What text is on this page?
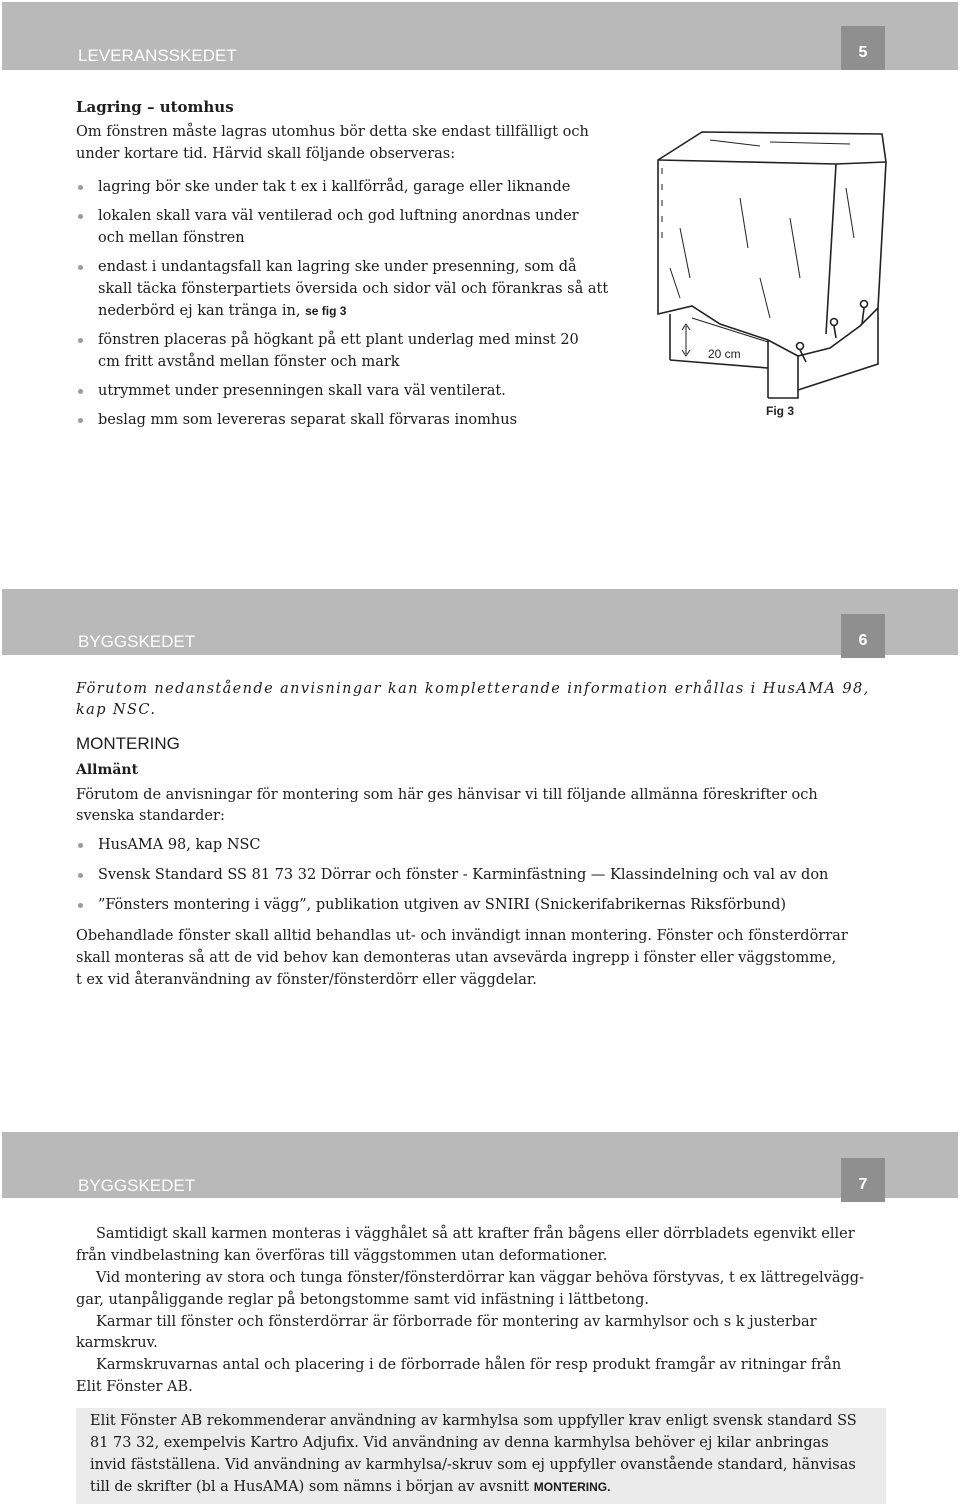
LEVERANSSKEDET	5
Lagring – utomhus
Om fönstren måste lagras utomhus bör detta ske endast tillfälligt och
under kortare tid. Härvid skall följande observeras:
lagring bör ske under tak t ex i kallförråd, garage eller liknande
lokalen skall vara väl ventilerad och god luftning anordnas under
och mellan fönstren
endast i undantagsfall kan lagring ske under presenning, som då
skall täcka fönsterpartiets översida och sidor väl och förankras så att
nederbörd ej kan tränga in, se fig 3
fönstren placeras på högkant på ett plant underlag med minst 20
cm fritt avstånd mellan fönster och mark
utrymmet under presenningen skall vara väl ventilerat.
beslag mm som levereras separat skall förvaras inomhus
20 cm
Fig 3
BYGGSKEDET	6
Förutom nedanstående anvisningar kan kompletterande information erhållas i HusAMA 98,
kap NSC.
MONTERING
Allmänt
Förutom de anvisningar för montering som här ges hänvisar vi till följande allmänna föreskrifter och
svenska standarder:
HusAMA 98, kap NSC
Svensk Standard SS 81 73 32 Dörrar och fönster - Karminfästning — Klassindelning och val av don
”Fönsters montering i vägg”, publikation utgiven av SNIRI (Snickerifabrikernas Riksförbund)
Obehandlade fönster skall alltid behandlas ut- och invändigt innan montering. Fönster och fönsterdörrar
skall monteras så att de vid behov kan demonteras utan avsevärda ingrepp i fönster eller väggstomme,
t ex vid återanvändning av fönster/fönsterdörr eller väggdelar.
BYGGSKEDET	7
Samtidigt skall karmen monteras i vägghålet så att krafter från bågens eller dörrbladets egenvikt eller
från vindbelastning kan överföras till väggstommen utan deformationer.
Vid montering av stora och tunga fönster/fönsterdörrar kan väggar behöva förstyvas, t ex lättregelvägg-
gar, utanpåliggande reglar på betongstomme samt vid infästning i lättbetong.
Karmar till fönster och fönsterdörrar är förborrade för montering av karmhylsor och s k justerbar
karmskruv.
Karmskruvarnas antal och placering i de förborrade hålen för resp produkt framgår av ritningar från
Elit Fönster AB.
Elit Fönster AB rekommenderar användning av karmhylsa som uppfyller krav enligt svensk standard SS
81 73 32, exempelvis Kartro Adjufix. Vid användning av denna karmhylsa behöver ej kilar anbringas
invid fästställena. Vid användning av karmhylsa/-skruv som ej uppfyller ovanstående standard, hänvisas
till de skrifter (bl a HusAMA) som nämns i början av avsnitt MONTERING.
